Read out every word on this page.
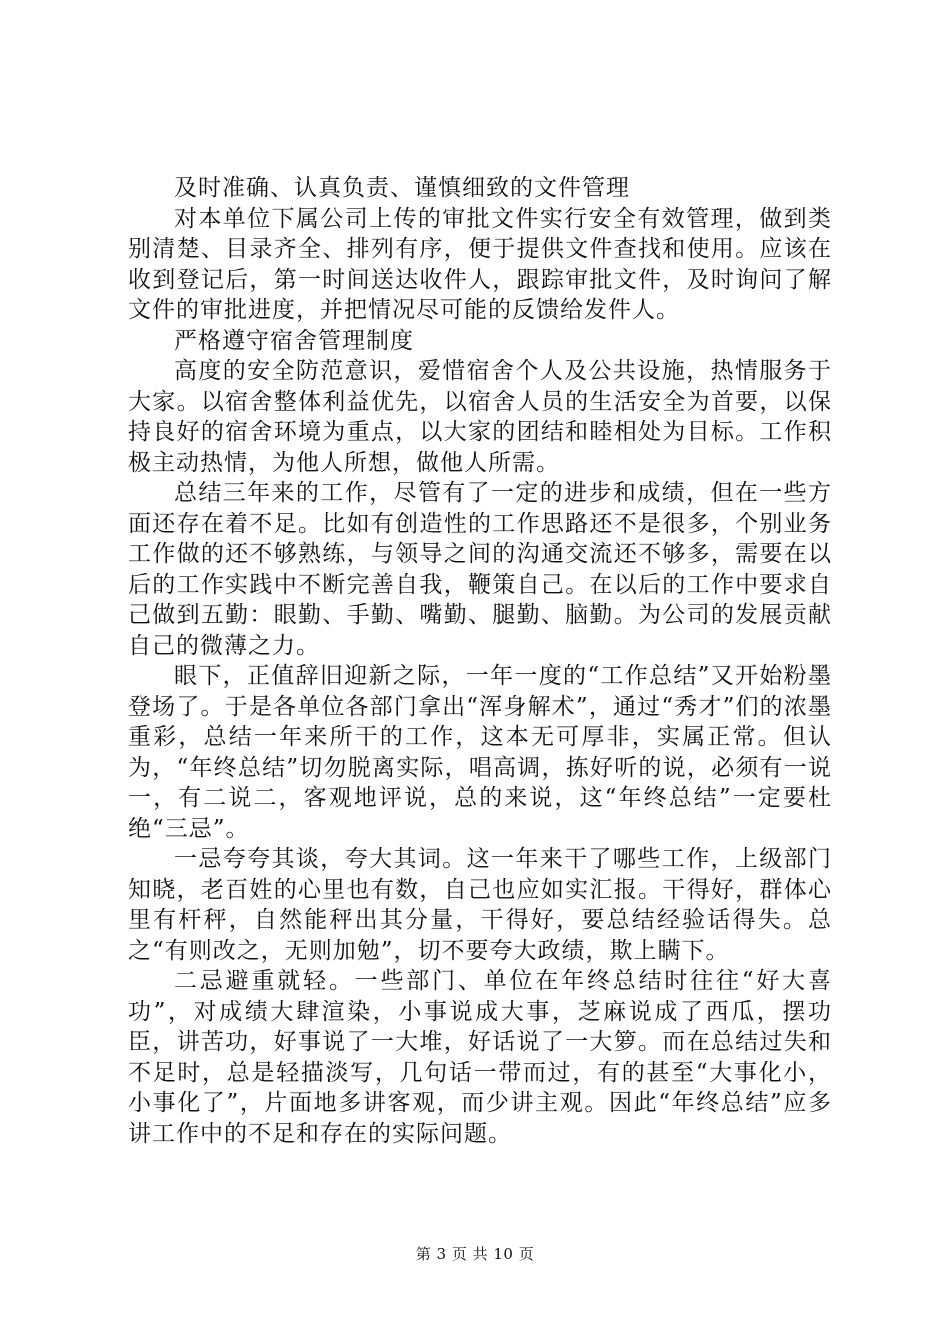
及时准确、认真负责、谨慎细致的文件管理

对本单位下属公司上传的审批文件实行安全有效管理，做到类别清楚、目录齐全、排列有序，便于提供文件查找和使用。应该在收到登记后，第一时间送达收件人，跟踪审批文件，及时询问了解文件的审批进度，并把情况尽可能的反馈给发件人。

严格遵守宿舍管理制度

高度的安全防范意识，爱惜宿舍个人及公共设施，热情服务于大家。以宿舍整体利益优先，以宿舍人员的生活安全为首要，以保持良好的宿舍环境为重点，以大家的团结和睦相处为目标。工作积极主动热情，为他人所想，做他人所需。

总结三年来的工作，尽管有了一定的进步和成绩，但在一些方面还存在着不足。比如有创造性的工作思路还不是很多，个别业务工作做的还不够熟练，与领导之间的沟通交流还不够多，需要在以后的工作实践中不断完善自我，鞭策自己。在以后的工作中要求自己做到五勤：眼勤、手勤、嘴勤、腿勤、脑勤。为公司的发展贡献自己的微薄之力。

眼下，正值辞旧迎新之际，一年一度的“工作总结”又开始粉墨登场了。于是各单位各部门拿出“浑身解术”，通过“秀才”们的浓墨重彩，总结一年来所干的工作，这本无可厚非，实属正常。但认为，“年终总结”切勿脱离实际，唱高调，拣好听的说，必须有一说一，有二说二，客观地评说，总的来说，这“年终总结”一定要杜绝“三忌”。

一忌夸夸其谈，夸大其词。这一年来干了哪些工作，上级部门知晓，老百姓的心里也有数，自己也应如实汇报。干得好，群体心里有杆秤，自然能秤出其分量，干得好，要总结经验话得失。总之“有则改之，无则加勉”，切不要夸大政绩，欺上瞒下。

二忌避重就轻。一些部门、单位在年终总结时往往“好大喜功”，对成绩大肆渲染，小事说成大事，芝麻说成了西瓜，摆功臣，讲苦功，好事说了一大堆，好话说了一大箩。而在总结过失和不足时，总是轻描淡写，几句话一带而过，有的甚至“大事化小，小事化了”，片面地多讲客观，而少讲主观。因此“年终总结”应多讲工作中的不足和存在的实际问题。

第 3 页 共 10 页
